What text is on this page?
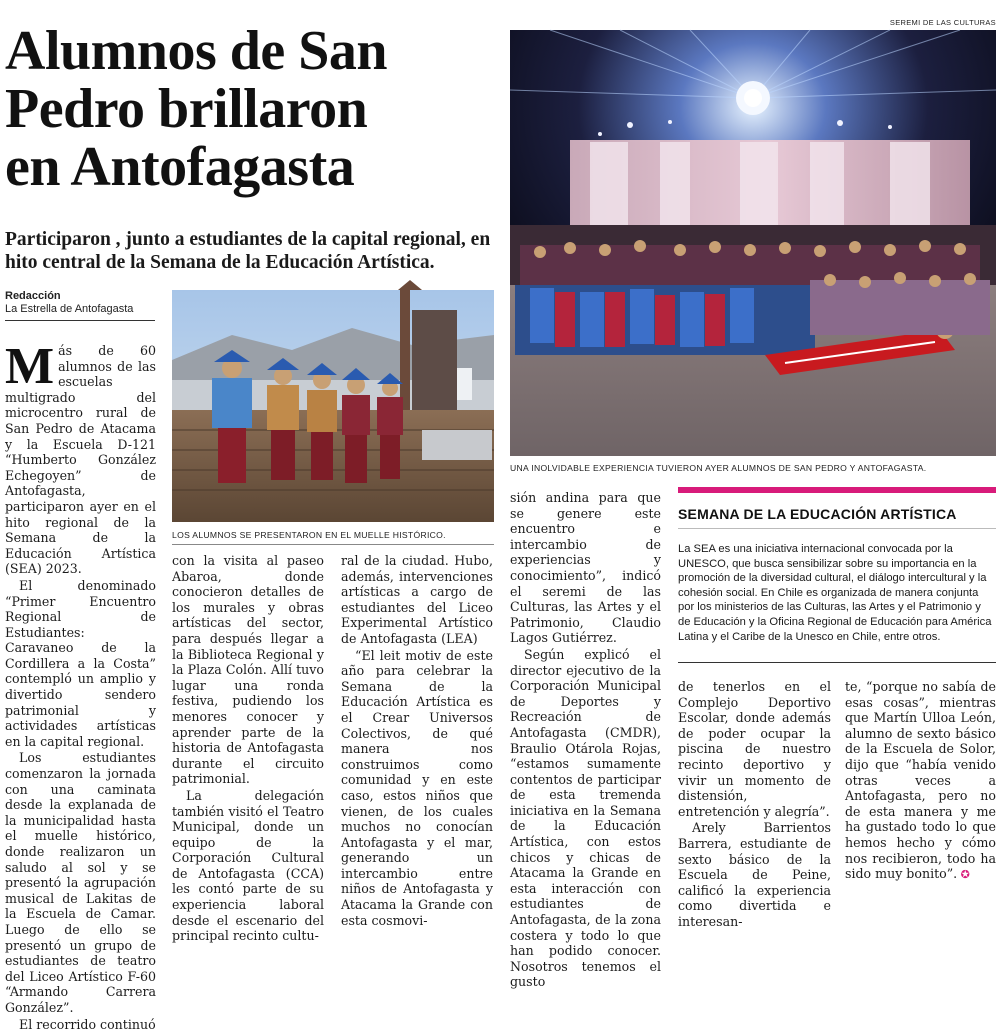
Alumnos de San
Pedro brillaron
en Antofagasta
Participaron , junto a estudiantes de la capital regional, en hito central de la Semana de la Educación Artística.
Redacción
La Estrella de Antofagasta
SEREMI DE LAS CULTURAS
UNA INOLVIDABLE EXPERIENCIA TUVIERON AYER ALUMNOS DE SAN PEDRO Y ANTOFAGASTA.
LOS ALUMNOS SE PRESENTARON EN EL MUELLE HISTÓRICO.

Más de 60 alumnos de las escuelas multigrado del microcentro rural de San Pedro de Atacama y la Escuela D-121 “Humberto González Echegoyen” de Antofagasta, participaron ayer en el hito regional de la Semana de la Educación Artística (SEA) 2023.

El denominado “Primer Encuentro Regional de Estudiantes: Caravaneo de la Cordillera a la Costa” contempló un amplio y divertido sendero patrimonial y actividades artísticas en la capital regional.

Los estudiantes comenzaron la jornada con una caminata desde la explanada de la municipalidad hasta el muelle histórico, donde realizaron un saludo al sol y se presentó la agrupación musical de Lakitas de la Escuela de Camar. Luego de ello se presentó un grupo de estudiantes de teatro del Liceo Artístico F-60 “Armando Carrera González”.

El recorrido continuó

con la visita al paseo Abaroa, donde conocieron detalles de los murales y obras artísticas del sector, para después llegar a la Biblioteca Regional y la Plaza Colón. Allí tuvo lugar una ronda festiva, pudiendo los menores conocer y aprender parte de la historia de Antofagasta durante el circuito patrimonial.

La delegación también visitó el Teatro Municipal, donde un equipo de la Corporación Cultural de Antofagasta (CCA) les contó parte de su experiencia laboral desde el escenario del principal recinto cultu-

ral de la ciudad. Hubo, además, intervenciones artísticas a cargo de estudiantes del Liceo Experimental Artístico de Antofagasta (LEA)

“El leit motiv de este año para celebrar la Semana de la Educación Artística es el Crear Universos Colectivos, de qué manera nos construimos como comunidad y en este caso, estos niños que vienen, de los cuales muchos no conocían Antofagasta y el mar, generando un intercambio entre niños de Antofagasta y Atacama la Grande con esta cosmovi-

sión andina para que se genere este encuentro e intercambio de experiencias y conocimiento”, indicó el seremi de las Culturas, las Artes y el Patrimonio, Claudio Lagos Gutiérrez.

Según explicó el director ejecutivo de la Corporación Municipal de Deportes y Recreación de Antofagasta (CMDR), Braulio Otárola Rojas, “estamos sumamente contentos de participar de esta tremenda iniciativa en la Semana de la Educación Artística, con estos chicos y chicas de Atacama la Grande en esta interacción con estudiantes de Antofagasta, de la zona costera y todo lo que han podido conocer. Nosotros tenemos el gusto

SEMANA DE LA EDUCACIÓN ARTÍSTICA
La SEA es una iniciativa internacional convocada por la UNESCO, que busca sensibilizar sobre su importancia en la promoción de la diversidad cultural, el diálogo intercultural y la cohesión social. En Chile es organizada de manera conjunta por los ministerios de las Culturas, las Artes y el Patrimonio y de Educación y la Oficina Regional de Educación para América Latina y el Caribe de la Unesco en Chile, entre otros.

de tenerlos en el Complejo Deportivo Escolar, donde además de poder ocupar la piscina de nuestro recinto deportivo y vivir un momento de distensión, entretención y alegría”.

Arely Barrientos Barrera, estudiante de sexto básico de la Escuela de Peine, calificó la experiencia como divertida e interesan-

te, “porque no sabía de esas cosas”, mientras que Martín Ulloa León, alumno de sexto básico de la Escuela de Solor, dijo que “había venido otras veces a Antofagasta, pero no de esta manera y me ha gustado todo lo que hemos hecho y cómo nos recibieron, todo ha sido muy bonito”. ✪
